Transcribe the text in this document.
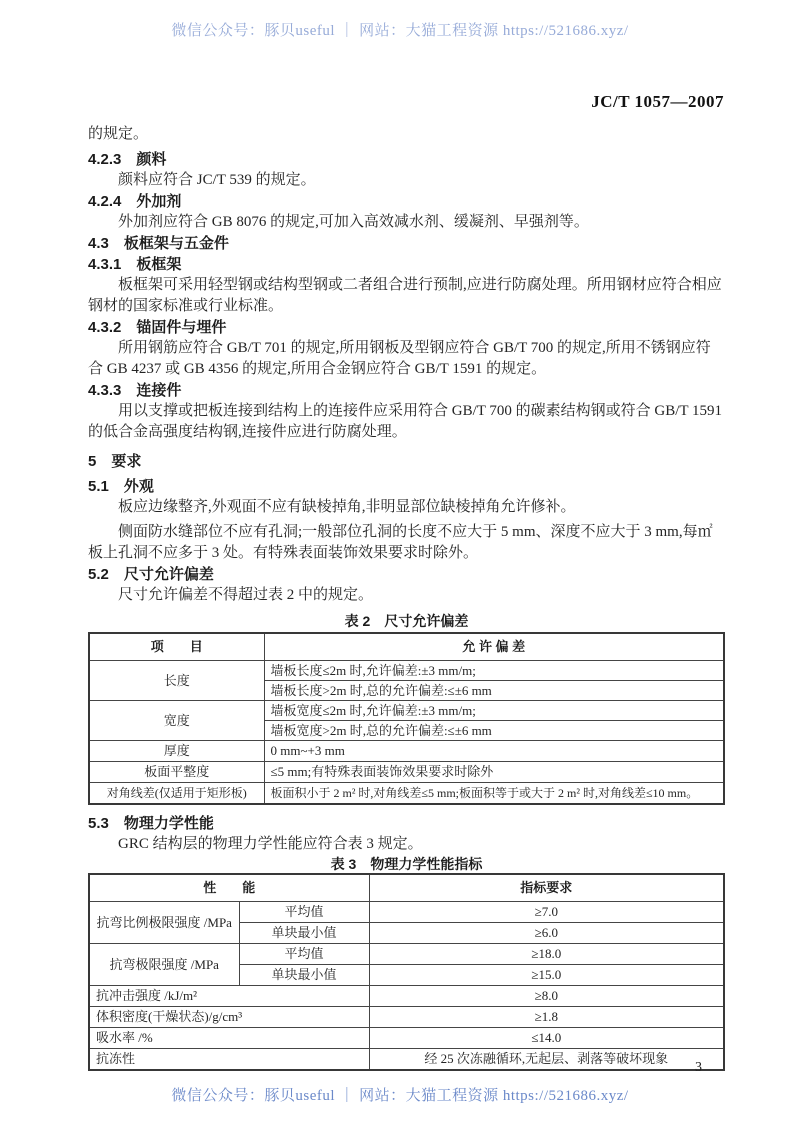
微信公众号：豚贝useful ｜ 网站：大猫工程资源 https://521686.xyz/
JC/T 1057—2007

的规定。

4.2.3　颜料

颜料应符合 JC/T 539 的规定。

4.2.4　外加剂

外加剂应符合 GB 8076 的规定,可加入高效减水剂、缓凝剂、早强剂等。

4.3　板框架与五金件
4.3.1　板框架

板框架可采用轻型钢或结构型钢或二者组合进行预制,应进行防腐处理。所用钢材应符合相应钢材的国家标准或行业标准。

4.3.2　锚固件与埋件

所用钢筋应符合 GB/T 701 的规定,所用钢板及型钢应符合 GB/T 700 的规定,所用不锈钢应符合 GB 4237 或 GB 4356 的规定,所用合金钢应符合 GB/T 1591 的规定。

4.3.3　连接件

用以支撑或把板连接到结构上的连接件应采用符合 GB/T 700 的碳素结构钢或符合 GB/T 1591 的低合金高强度结构钢,连接件应进行防腐处理。

5　要求
5.1　外观

板应边缘整齐,外观面不应有缺棱掉角,非明显部位缺棱掉角允许修补。

侧面防水缝部位不应有孔洞;一般部位孔洞的长度不应大于 5 mm、深度不应大于 3 mm,每㎡板上孔洞不应多于 3 处。有特殊表面装饰效果要求时除外。

5.2　尺寸允许偏差

尺寸允许偏差不得超过表 2 中的规定。

表 2　尺寸允许偏差
项　　目	允 许 偏 差
长度	墙板长度≤2m 时,允许偏差:±3 mm/m;
	墙板长度>2m 时,总的允许偏差:≤±6 mm
宽度	墙板宽度≤2m 时,允许偏差:±3 mm/m;
	墙板宽度>2m 时,总的允许偏差:≤±6 mm
厚度	0 mm~+3 mm
板面平整度	≤5 mm;有特殊表面装饰效果要求时除外
对角线差(仅适用于矩形板)	板面积小于 2 m² 时,对角线差≤5 mm;板面积等于或大于 2 m² 时,对角线差≤10 mm。
5.3　物理力学性能

GRC 结构层的物理力学性能应符合表 3 规定。

表 3　物理力学性能指标
性　　能		指标要求
抗弯比例极限强度 /MPa	平均值	≥7.0
	单块最小值	≥6.0
抗弯极限强度 /MPa	平均值	≥18.0
	单块最小值	≥15.0
抗冲击强度 /kJ/m²		≥8.0
体积密度(干燥状态)/g/cm³		≥1.8
吸水率 /%		≤14.0
抗冻性		经 25 次冻融循环,无起层、剥落等破坏现象
3
微信公众号：豚贝useful ｜ 网站：大猫工程资源 https://521686.xyz/
